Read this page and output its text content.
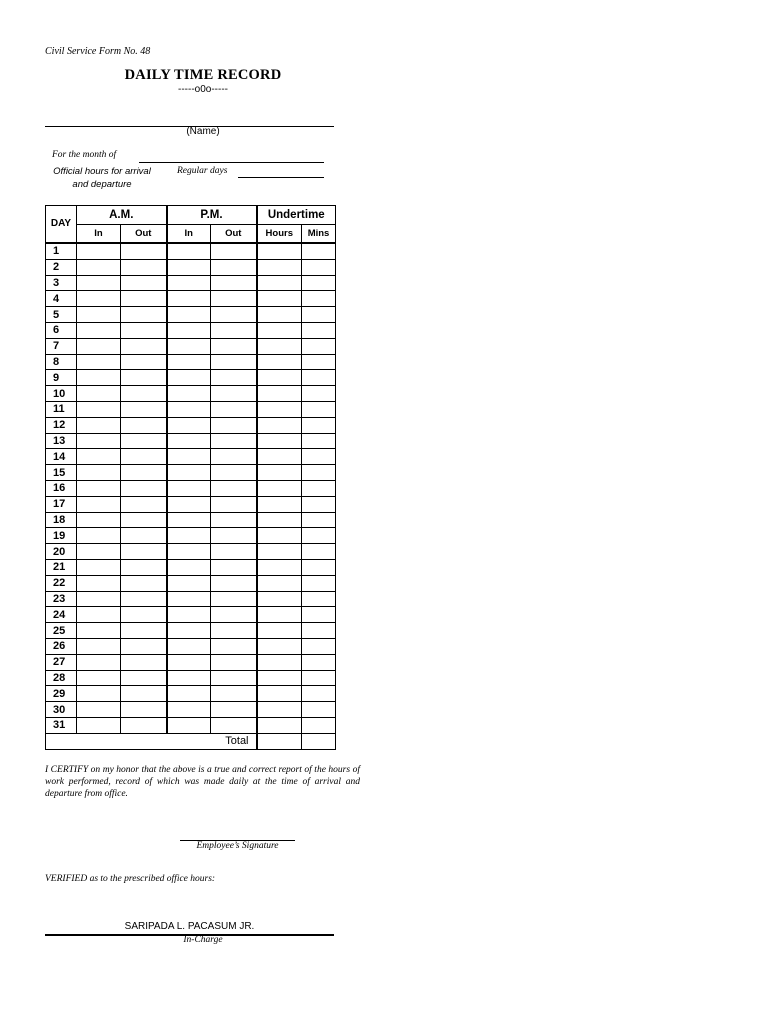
Civil Service Form No. 48
DAILY TIME RECORD
-----o0o-----
(Name)
For the month of
Official hours for arrival and departure
Regular days
DAY	A.M.		P.M.		Undertime	
	In	Out	In	Out	Hours	Mins
1						
2						
3						
4						
5						
6						
7						
8						
9						
10						
11						
12						
13						
14						
15						
16						
17						
18						
19						
20						
21						
22						
23						
24						
25						
26						
27						
28						
29						
30						
31						
Total						
I CERTIFY on my honor that the above is a true and correct report of the hours of work performed, record of which was made daily at the time of arrival and departure from office.
Employee’s Signature
VERIFIED as to the prescribed office hours:
SARIPADA L. PACASUM JR.
In-Charge
